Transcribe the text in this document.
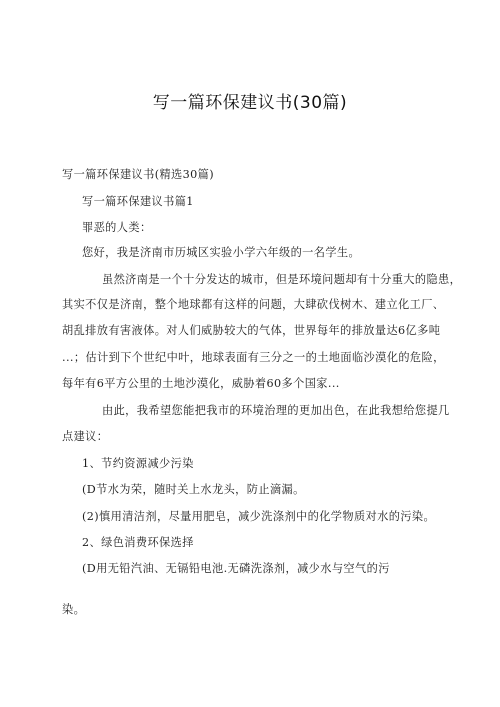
写一篇环保建议书(30篇)
写一篇环保建议书(精选30篇)
写一篇环保建议书篇1
罪恶的人类：
您好，我是济南市历城区实验小学六年级的一名学生。
虽然济南是一个十分发达的城市，但是环境问题却有十分重大的隐患，
其实不仅是济南，整个地球都有这样的问题，大肆砍伐树木、建立化工厂、
胡乱排放有害液体。对人们威胁较大的气体，世界每年的排放量达6亿多吨
...；估计到下个世纪中叶，地球表面有三分之一的土地面临沙漠化的危险，
每年有6平方公里的土地沙漠化，威胁着60多个国家...
由此，我希望您能把我市的环境治理的更加出色，在此我想给您提几
点建议：
1、节约资源减少污染
(D节水为荣，随时关上水龙头，防止滴漏。
(2)慎用清洁剂，尽量用肥皂，减少洗涤剂中的化学物质对水的污染。
2、绿色消费环保选择
(D用无铅汽油、无镉铅电池.无磷洗涤剂，减少水与空气的污
染。
